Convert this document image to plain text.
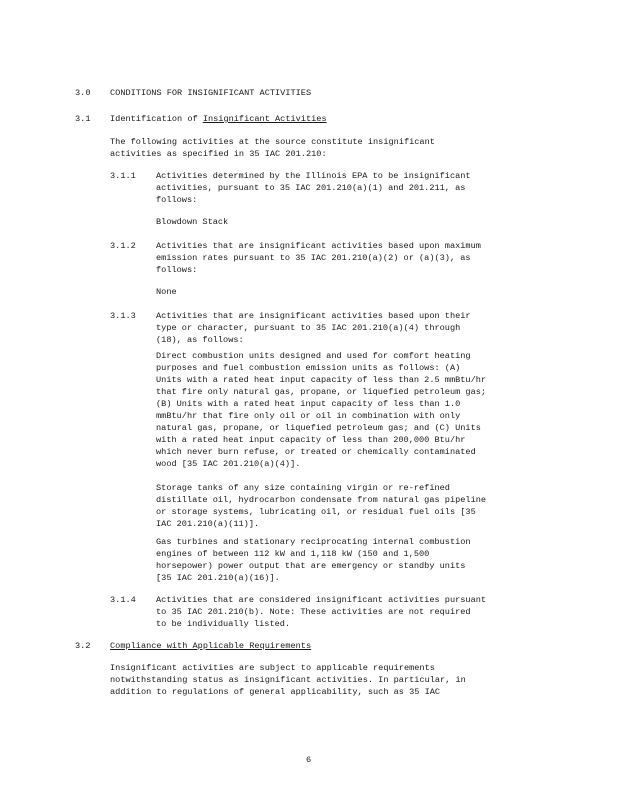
3.0 CONDITIONS FOR INSIGNIFICANT ACTIVITIES
3.1 Identification of Insignificant Activities
The following activities at the source constitute insignificant
activities as specified in 35 IAC 201.210:
3.1.1 Activities determined by the Illinois EPA to be insignificant
activities, pursuant to 35 IAC 201.210(a)(1) and 201.211, as
follows:
Blowdown Stack
3.1.2 Activities that are insignificant activities based upon maximum
emission rates pursuant to 35 IAC 201.210(a)(2) or (a)(3), as
follows:
None
3.1.3 Activities that are insignificant activities based upon their
type or character, pursuant to 35 IAC 201.210(a)(4) through
(18), as follows:
Direct combustion units designed and used for comfort heating
purposes and fuel combustion emission units as follows: (A)
Units with a rated heat input capacity of less than 2.5 mmBtu/hr
that fire only natural gas, propane, or liquefied petroleum gas;
(B) Units with a rated heat input capacity of less than 1.0
mmBtu/hr that fire only oil or oil in combination with only
natural gas, propane, or liquefied petroleum gas; and (C) Units
with a rated heat input capacity of less than 200,000 Btu/hr
which never burn refuse, or treated or chemically contaminated
wood [35 IAC 201.210(a)(4)].
Storage tanks of any size containing virgin or re-refined
distillate oil, hydrocarbon condensate from natural gas pipeline
or storage systems, lubricating oil, or residual fuel oils [35
IAC 201.210(a)(11)].
Gas turbines and stationary reciprocating internal combustion
engines of between 112 kW and 1,118 kW (150 and 1,500
horsepower) power output that are emergency or standby units
[35 IAC 201.210(a)(16)].
3.1.4 Activities that are considered insignificant activities pursuant
to 35 IAC 201.210(b). Note: These activities are not required
to be individually listed.
3.2 Compliance with Applicable Requirements
Insignificant activities are subject to applicable requirements
notwithstanding status as insignificant activities. In particular, in
addition to regulations of general applicability, such as 35 IAC
6
